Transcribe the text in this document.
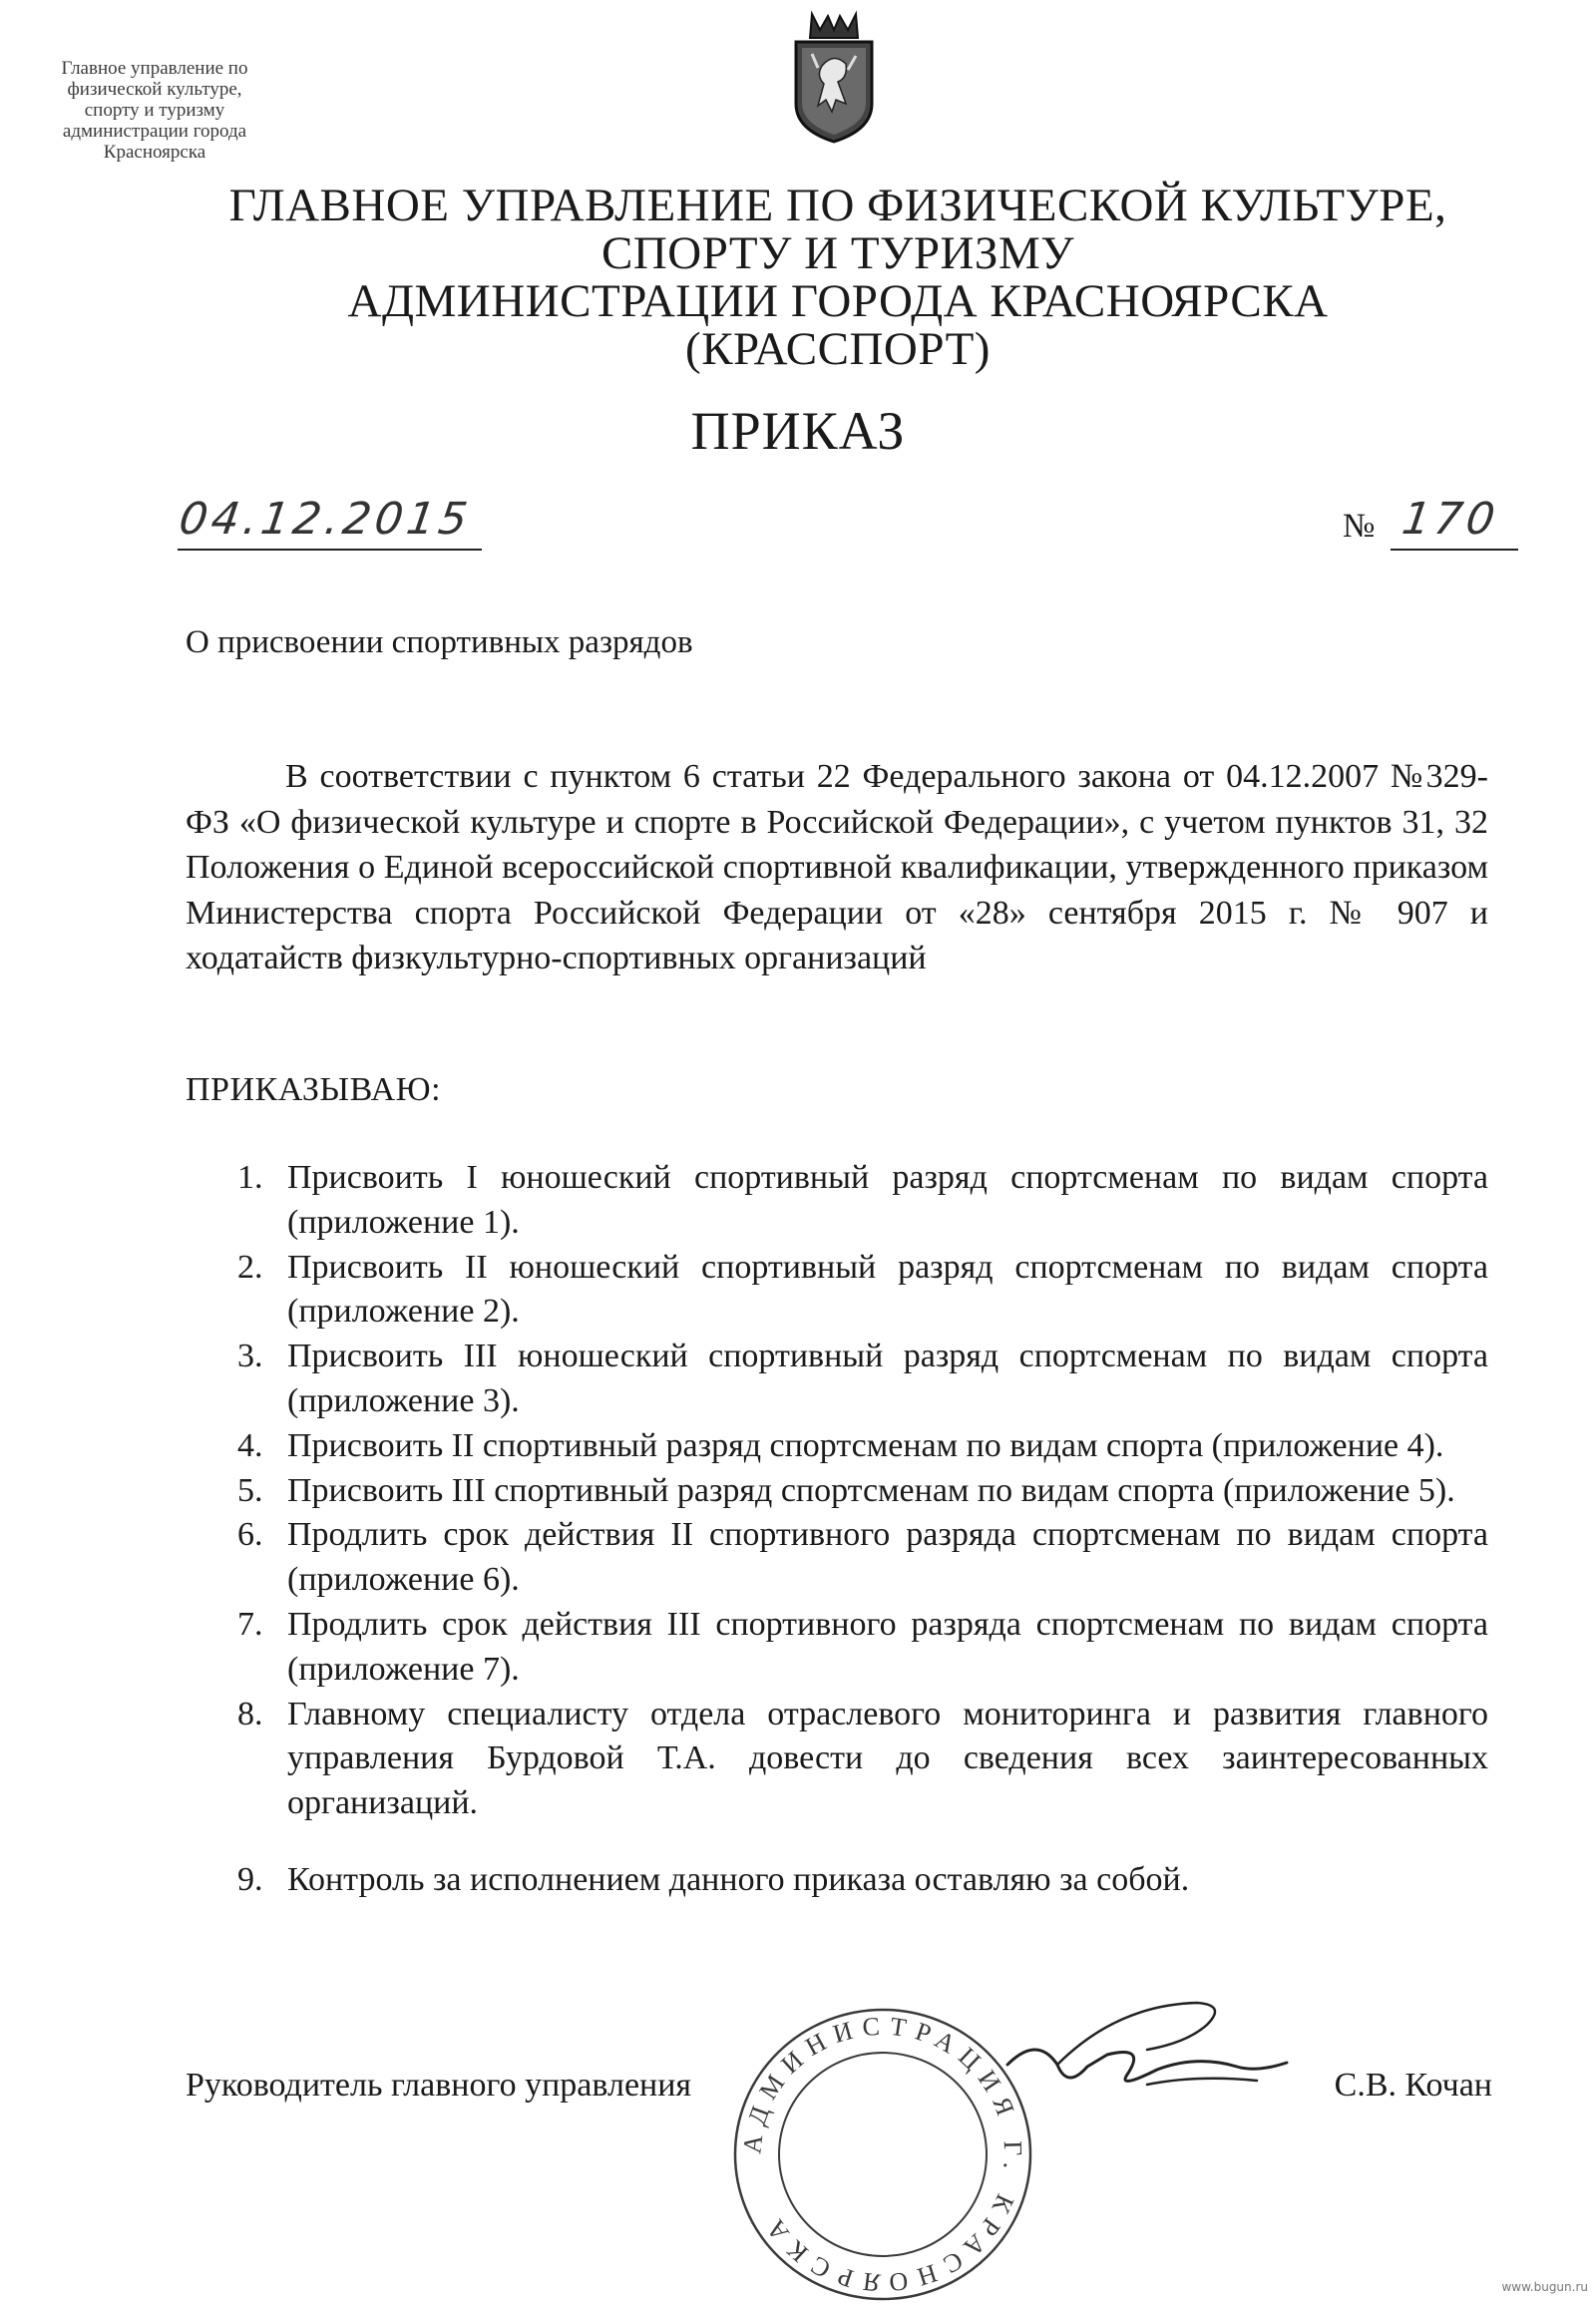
ГЛАВНОЕ УПРАВЛЕНИЕ ПО ФИЗИЧЕСКОЙ КУЛЬТУРЕ,
СПОРТУ И ТУРИЗМУ
АДМИНИСТРАЦИИ ГОРОДА КРАСНОЯРСКА
(КРАССПОРТ)
ПРИКАЗ
04.12.2015	№ 170
О присвоении спортивных разрядов
В соответствии с пунктом 6 статьи 22 Федерального закона от 04.12.2007 №329-ФЗ «О физической культуре и спорте в Российской Федерации», с учетом пунктов 31, 32 Положения о Единой всероссийской спортивной квалификации, утвержденного приказом Министерства спорта Российской Федерации от «28» сентября 2015 г. № 907 и ходатайств физкультурно-спортивных организаций
ПРИКАЗЫВАЮ:
1. Присвоить I юношеский спортивный разряд спортсменам по видам спорта (приложение 1).
2. Присвоить II юношеский спортивный разряд спортсменам по видам спорта (приложение 2).
3. Присвоить III юношеский спортивный разряд спортсменам по видам спорта (приложение 3).
4. Присвоить II спортивный разряд спортсменам по видам спорта (приложение 4).
5. Присвоить III спортивный разряд спортсменам по видам спорта (приложение 5).
6. Продлить срок действия II спортивного разряда спортсменам по видам спорта (приложение 6).
7. Продлить срок действия III спортивного разряда спортсменам по видам спорта (приложение 7).
8. Главному специалисту отдела отраслевого мониторинга и развития главного управления Бурдовой Т.А. довести до сведения всех заинтересованных организаций.
9. Контроль за исполнением данного приказа оставляю за собой.
АДМИНИСТРАЦИЯ Г. КРАСНОЯРСКА
Главное управление по физической культуре, спорту и туризму администрации города Красноярска
Руководитель главного управления	С.В. Кочан
www.bugun.ru
